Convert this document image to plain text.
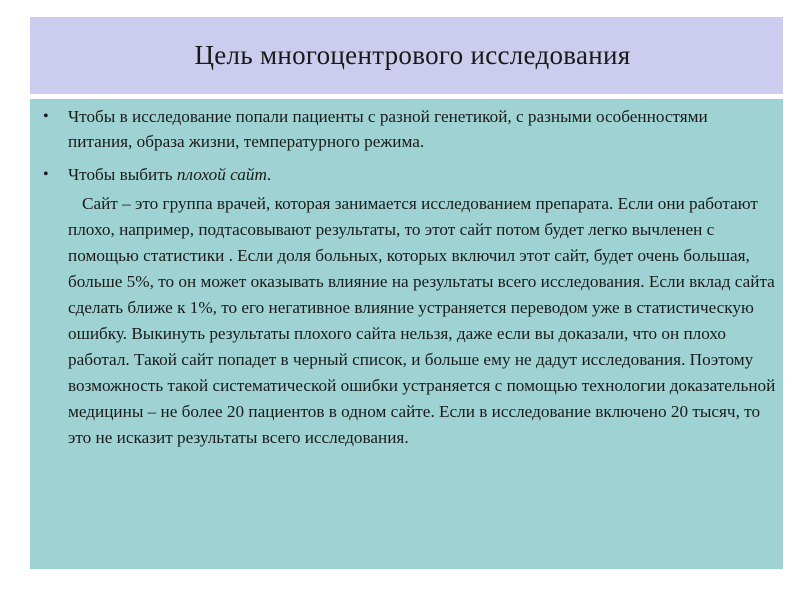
Цель многоцентрового исследования
• Чтобы в исследование попали пациенты с разной генетикой, с разными особенностями питания, образа жизни, температурного режима.
• Чтобы выбить плохой сайт.

Сайт – это группа врачей, которая занимается исследованием препарата. Если они работают плохо, например, подтасовывают результаты, то этот сайт потом будет легко вычленен с помощью статистики . Если доля больных, которых включил этот сайт, будет очень большая, больше 5%, то он может оказывать влияние на результаты всего исследования. Если вклад сайта сделать ближе к 1%, то его негативное влияние устраняется переводом уже в статистическую ошибку. Выкинуть результаты плохого сайта нельзя, даже если вы доказали, что он плохо работал. Такой сайт попадет в черный список, и больше ему не дадут исследования. Поэтому возможность такой систематической ошибки устраняется с помощью технологии доказательной медицины – не более 20 пациентов в одном сайте. Если в исследование включено 20 тысяч, то это не исказит результаты всего исследования.
